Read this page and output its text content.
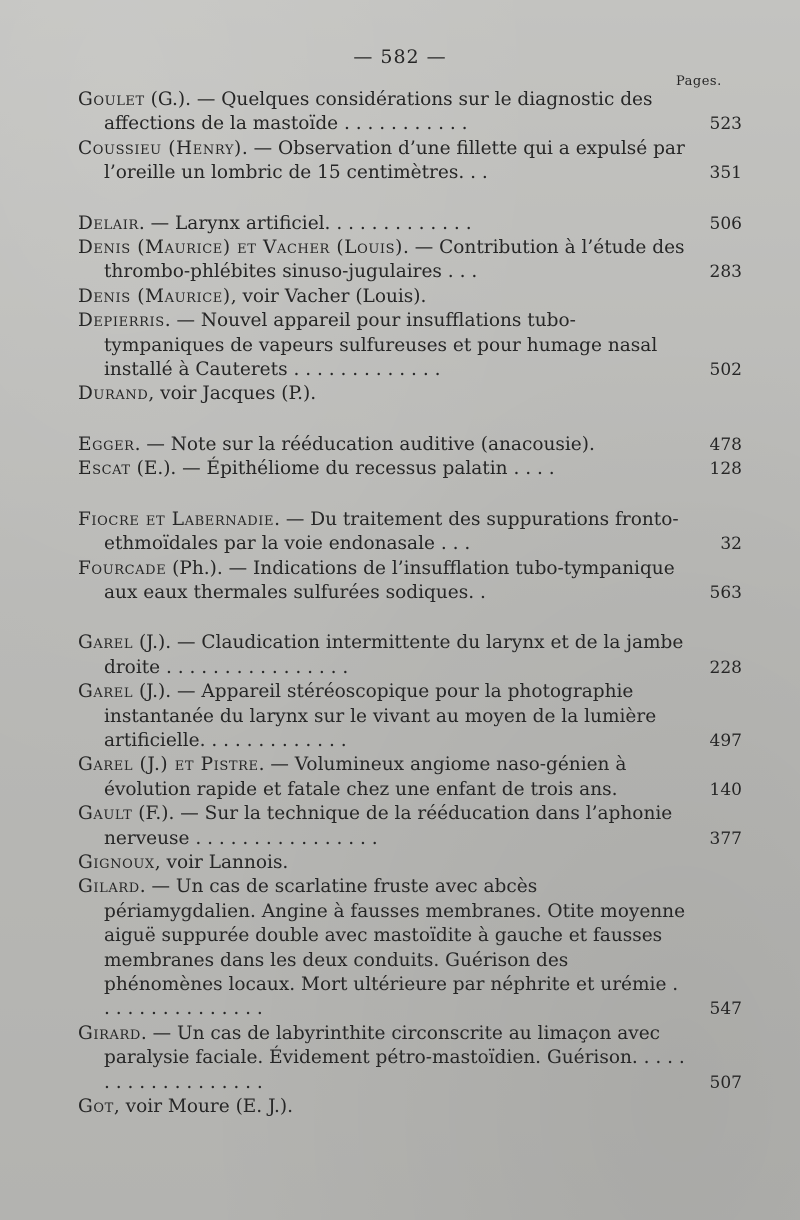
— 582 —
Pages.

Goulet (G.). — Quelques considérations sur le diagnostic des affections de la mastoïde . . . . . . . . . . .	523

Coussieu (Henry). — Observation d’une fillette qui a expulsé par l’oreille un lombric de 15 centimètres. . .	351

Delair. — Larynx artificiel. . . . . . . . . . . . .	506

Denis (Maurice) et Vacher (Louis). — Contribution à l’étude des thrombo-phlébites sinuso-jugulaires . . .	283

Denis (Maurice), voir Vacher (Louis).

Depierris. — Nouvel appareil pour insufflations tubo-tympaniques de vapeurs sulfureuses et pour humage nasal installé à Cauterets . . . . . . . . . . . . .	502

Durand, voir Jacques (P.).

Egger. — Note sur la rééducation auditive (anacousie).	478

Escat (E.). — Épithéliome du recessus palatin . . . .	128

Fiocre et Labernadie. — Du traitement des suppurations fronto-ethmoïdales par la voie endonasale . . .	32

Fourcade (Ph.). — Indications de l’insufflation tubo-tympanique aux eaux thermales sulfurées sodiques. .	563

Garel (J.). — Claudication intermittente du larynx et de la jambe droite . . . . . . . . . . . . . . . .	228

Garel (J.). — Appareil stéréoscopique pour la photographie instantanée du larynx sur le vivant au moyen de la lumière artificielle. . . . . . . . . . . . .	497

Garel (J.) et Pistre. — Volumineux angiome naso-génien à évolution rapide et fatale chez une enfant de trois ans.	140

Gault (F.). — Sur la technique de la rééducation dans l’aphonie nerveuse . . . . . . . . . . . . . . . .	377

Gignoux, voir Lannois.

Gilard. — Un cas de scarlatine fruste avec abcès périamygdalien. Angine à fausses membranes. Otite moyenne aiguë suppurée double avec mastoïdite à gauche et fausses membranes dans les deux conduits. Guérison des phénomènes locaux. Mort ultérieure par néphrite et urémie . . . . . . . . . . . . . . .	547

Girard. — Un cas de labyrinthite circonscrite au limaçon avec paralysie faciale. Évidement pétro-mastoïdien. Guérison. . . . . . . . . . . . . . . . . . .	507

Got, voir Moure (E. J.).
